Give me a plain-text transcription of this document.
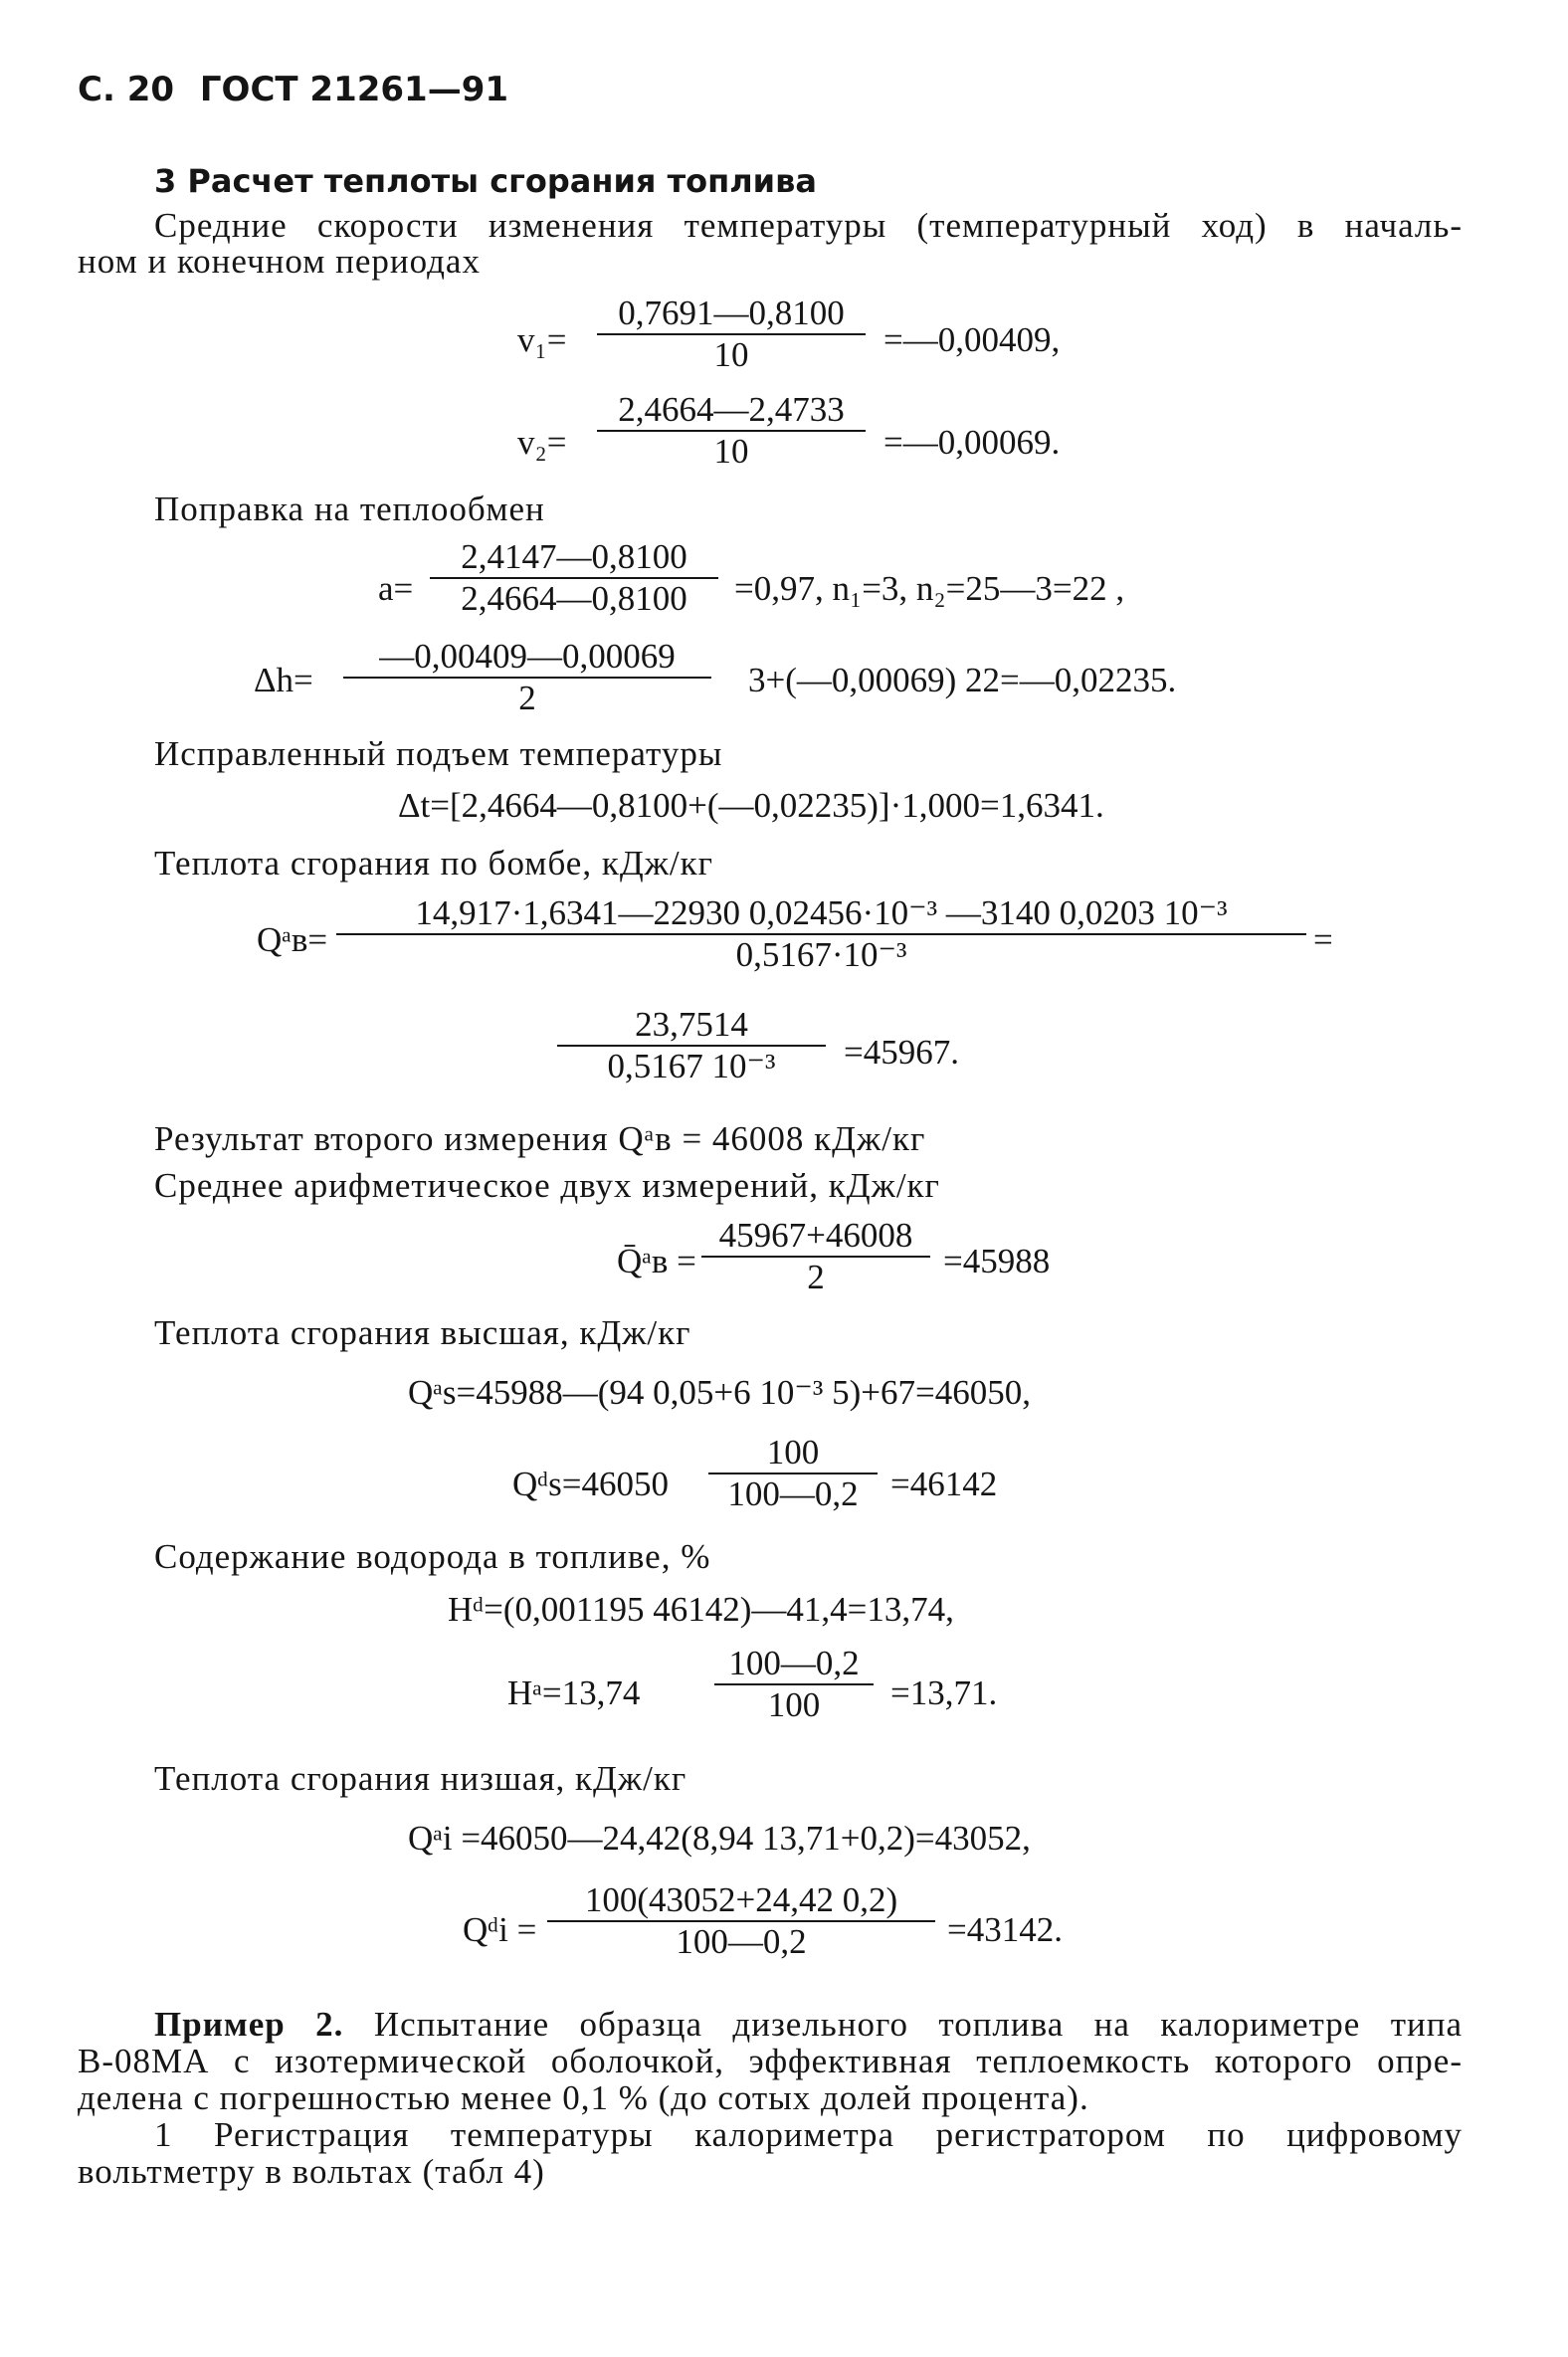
С. 20 ГОСТ 21261—91
3 Расчет теплоты сгорания топлива
Средние скорости изменения температуры (температурный ход) в началь-
ном и конечном периодах
$v_1= \frac{0,7691—0,8100}{10}$ =—0,00409,
$v_2= \frac{2,4664—2,4733}{10}$ =—0,00069.
Поправка на теплообмен
$a= \frac{2,4147—0,8100}{2,4664—0,8100} =0,97$, n₁=3, n₂=25—3=22 ,
$\Delta h= \frac{—0,00409—0,00069}{2}$ 3+(—0,00069) 22=—0,02235.
Исправленный подъем температуры
Δt=[2,4664—0,8100+(—0,02235)]·1,000=1,6341.
Теплота сгорания по бомбе, кДж/кг
Qᵃв= $\frac{\text{14,917·1,6341—22930 0,02456·10⁻³ —3140 0,0203 10⁻³}}{\text{0,5167·10⁻³}}$ =
$\frac{23,7514}{\text{0,5167 10⁻³}} =45967$.
Результат второго измерения Qᵃв = 46008 кДж/кг
Среднее арифметическое двух измерений, кДж/кг
Q̄ᵃв = $\frac{45967+46008}{2} =45988$
Теплота сгорания высшая, кДж/кг
Qᵃs=45988—(94 0,05+6 10⁻³ 5)+67=46050,
Qᵈs=46050 $\frac{100}{100—0,2} =46142$
Содержание водорода в топливе, %
Hᵈ=(0,001195 46142)—41,4=13,74,
Hᵃ=13,74 $\frac{100—0,2}{100} =13,71$.
Теплота сгорания низшая, кДж/кг
Qᵃi =46050—24,42(8,94 13,71+0,2)=43052,
Qᵈi = $\frac{100(43052+24,42 0,2)}{100—0,2} =43142$.
Пример 2. Испытание образца дизельного топлива на калориметре типа
В-08МА с изотермической оболочкой, эффективная теплоемкость которого опре-
делена с погрешностью менее 0,1 % (до сотых долей процента).
1 Регистрация температуры калориметра регистратором по цифровому
вольтметру в вольтах (табл 4)
